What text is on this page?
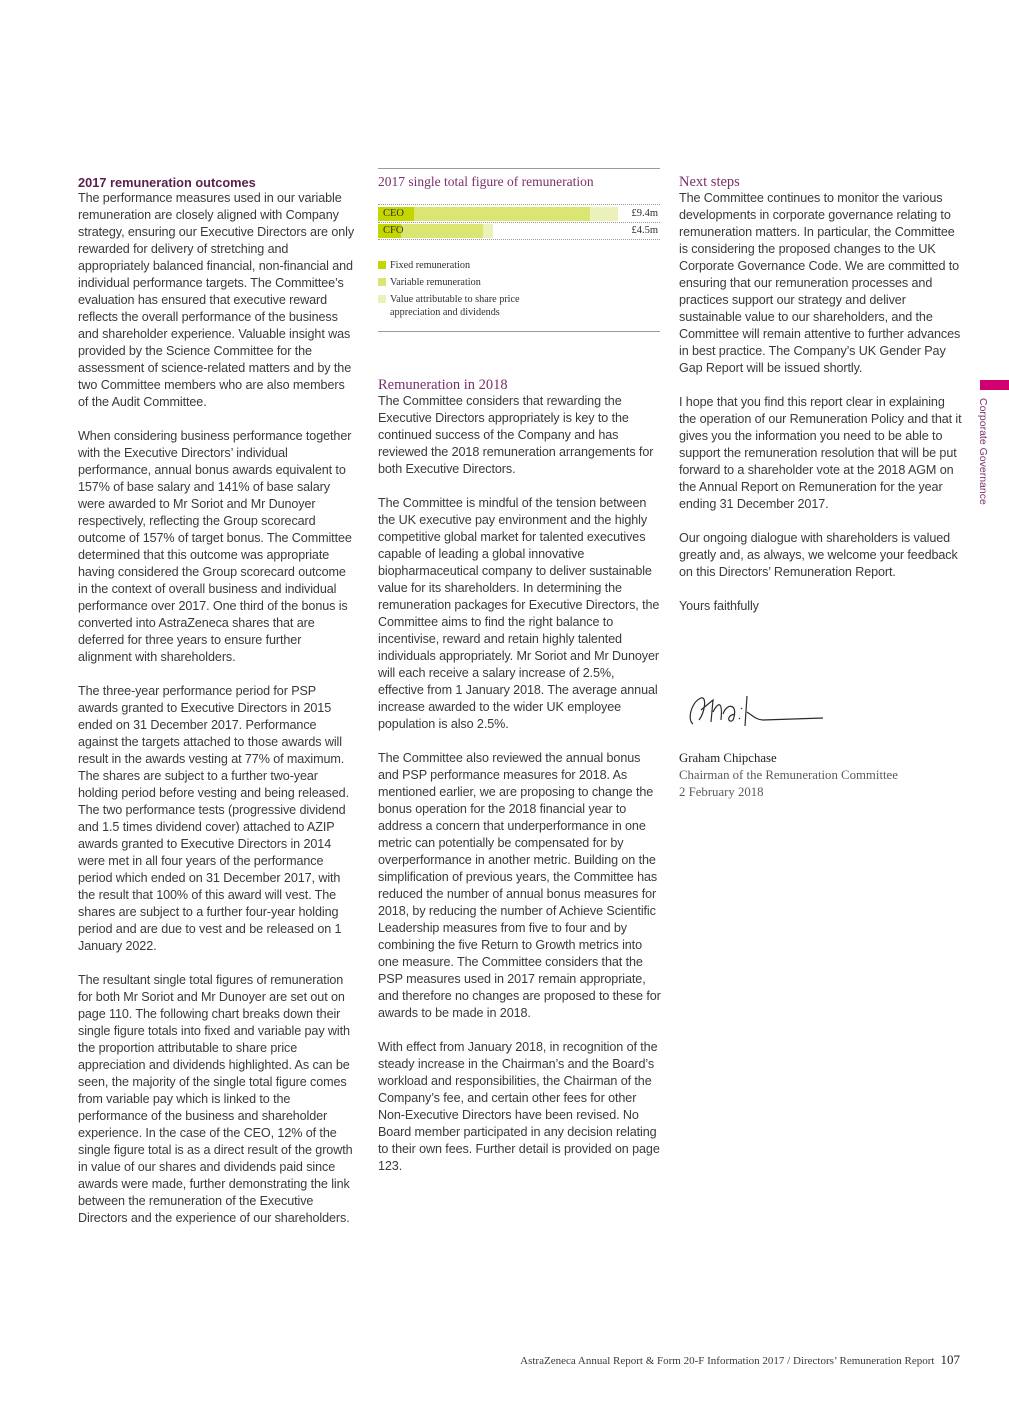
2017 remuneration outcomes

The performance measures used in our variable remuneration are closely aligned with Company strategy, ensuring our Executive Directors are only rewarded for delivery of stretching and appropriately balanced financial, non-financial and individual performance targets. The Committee’s evaluation has ensured that executive reward reflects the overall performance of the business and shareholder experience. Valuable insight was provided by the Science Committee for the assessment of science-related matters and by the two Committee members who are also members of the Audit Committee.

When considering business performance together with the Executive Directors’ individual performance, annual bonus awards equivalent to 157% of base salary and 141% of base salary were awarded to Mr Soriot and Mr Dunoyer respectively, reflecting the Group scorecard outcome of 157% of target bonus. The Committee determined that this outcome was appropriate having considered the Group scorecard outcome in the context of overall business and individual performance over 2017. One third of the bonus is converted into AstraZeneca shares that are deferred for three years to ensure further alignment with shareholders.

The three-year performance period for PSP awards granted to Executive Directors in 2015 ended on 31 December 2017. Performance against the targets attached to those awards will result in the awards vesting at 77% of maximum. The shares are subject to a further two-year holding period before vesting and being released. The two performance tests (progressive dividend and 1.5 times dividend cover) attached to AZIP awards granted to Executive Directors in 2014 were met in all four years of the performance period which ended on 31 December 2017, with the result that 100% of this award will vest. The shares are subject to a further four-year holding period and are due to vest and be released on 1 January 2022.

The resultant single total figures of remuneration for both Mr Soriot and Mr Dunoyer are set out on page 110. The following chart breaks down their single figure totals into fixed and variable pay with the proportion attributable to share price appreciation and dividends highlighted. As can be seen, the majority of the single total figure comes from variable pay which is linked to the performance of the business and shareholder experience. In the case of the CEO, 12% of the single figure total is as a direct result of the growth in value of our shares and dividends paid since awards were made, further demonstrating the link between the remuneration of the Executive Directors and the experience of our shareholders.

2017 single total figure of remuneration
CEO	£9.4m
CFO	£4.5m
Fixed remuneration
Variable remuneration
Value attributable to share price appreciation and dividends
Remuneration in 2018

The Committee considers that rewarding the Executive Directors appropriately is key to the continued success of the Company and has reviewed the 2018 remuneration arrangements for both Executive Directors.

The Committee is mindful of the tension between the UK executive pay environment and the highly competitive global market for talented executives capable of leading a global innovative biopharmaceutical company to deliver sustainable value for its shareholders. In determining the remuneration packages for Executive Directors, the Committee aims to find the right balance to incentivise, reward and retain highly talented individuals appropriately. Mr Soriot and Mr Dunoyer will each receive a salary increase of 2.5%, effective from 1 January 2018. The average annual increase awarded to the wider UK employee population is also 2.5%.

The Committee also reviewed the annual bonus and PSP performance measures for 2018. As mentioned earlier, we are proposing to change the bonus operation for the 2018 financial year to address a concern that underperformance in one metric can potentially be compensated for by overperformance in another metric. Building on the simplification of previous years, the Committee has reduced the number of annual bonus measures for 2018, by reducing the number of Achieve Scientific Leadership measures from five to four and by combining the five Return to Growth metrics into one measure. The Committee considers that the PSP measures used in 2017 remain appropriate, and therefore no changes are proposed to these for awards to be made in 2018.

With effect from January 2018, in recognition of the steady increase in the Chairman’s and the Board’s workload and responsibilities, the Chairman of the Company’s fee, and certain other fees for other Non-Executive Directors have been revised. No Board member participated in any decision relating to their own fees. Further detail is provided on page 123.

Next steps

The Committee continues to monitor the various developments in corporate governance relating to remuneration matters. In particular, the Committee is considering the proposed changes to the UK Corporate Governance Code. We are committed to ensuring that our remuneration processes and practices support our strategy and deliver sustainable value to our shareholders, and the Committee will remain attentive to further advances in best practice. The Company’s UK Gender Pay Gap Report will be issued shortly.

I hope that you find this report clear in explaining the operation of our Remuneration Policy and that it gives you the information you need to be able to support the remuneration resolution that will be put forward to a shareholder vote at the 2018 AGM on the Annual Report on Remuneration for the year ending 31 December 2017.

Our ongoing dialogue with shareholders is valued greatly and, as always, we welcome your feedback on this Directors’ Remuneration Report.

Yours faithfully

Graham Chipchase
Chairman of the Remuneration Committee
2 February 2018
Corporate Governance
AstraZeneca Annual Report & Form 20-F Information 2017 / Directors’ Remuneration Report 107
